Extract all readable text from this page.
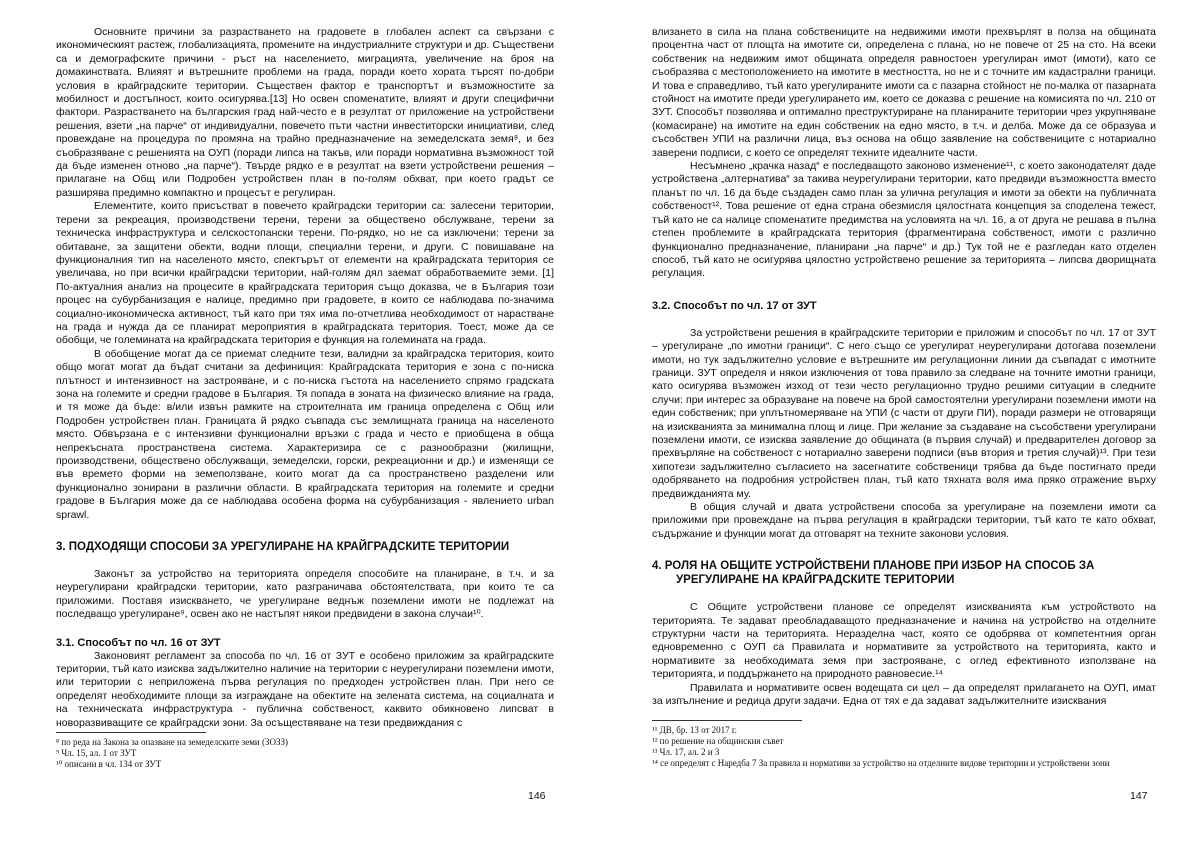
Основните причини за разрастването на градовете в глобален аспект са свързани с икономическият растеж, глобализацията, промените на индустриалните структури и др. Съществени са и демографските причини - ръст на населението, миграцията, увеличение на броя на домакинствата. Влияят и вътрешните проблеми на града, поради което хората търсят по-добри условия в крайградските територии. Съществен фактор е транспортът и възможностите за мобилност и достъпност, които осигурява.[13] Но освен споменатите, влияят и други специфични фактори. Разрастването на българския град най-често е в резултат от приложение на устройствени решения, взети „на парче“ от индивидуални, повечето пъти частни инвеститорски инициативи, след провеждане на процедура по промяна на трайно предназначение на земеделската земя⁸, и без съобразяване с решенията на ОУП (поради липса на такъв, или поради нормативна възможност той да бъде изменен отново „на парче“). Твърде рядко е в резултат на взети устройствени решения – прилагане на Общ или Подробен устройствен план в по-голям обхват, при което градът се разширява предимно компактно и процесът е регулиран.

Елементите, които присъстват в повечето крайградски територии са: залесени територии, терени за рекреация, производствени терени, терени за обществено обслужване, терени за техническа инфраструктура и селскостопански терени. По-рядко, но не са изключени: терени за обитаване, за защитени обекти, водни площи, специални терени, и други. С повишаване на функционалния тип на населеното място, спектърът от елементи на крайградската територия се увеличава, но при всички крайградски територии, най-голям дял заемат обработваемите земи. [1] По-актуалния анализ на процесите в крайградската територия също доказва, че в България този процес на субурбанизация е налице, предимно при градовете, в които се наблюдава по-значима социално-икономическа активност, тъй като при тях има по-отчетлива необходимост от нарастване на града и нужда да се планират мероприятия в крайградската територия. Тоест, може да се обобщи, че големината на крайградската територия е функция на големината на града.

В обобщение могат да се приемат следните тези, валидни за крайградска територия, които общо могат могат да бъдат считани за дефиниция: Крайградската територия е зона с по-ниска плътност и интензивност на застрояване, и с по-ниска гъстота на населението спрямо градската зона на големите и средни градове в България. Тя попада в зоната на физическо влияние на града, и тя може да бъде: в/или извън рамките на строителната им граница определена с Общ или Подробен устройствен план. Границата й рядко съвпада със землищната граница на населеното място. Обвързана е с интензивни функционални връзки с града и често е приобщена в обща непрекъсната пространствена система. Характеризира се с разнообразни (жилищни, производствени, обществено обслужващи, земеделски, горски, рекреационни и др.) и изменящи се във времето форми на земеползване, които могат да са пространствено разделени или функционално зонирани в различни области. В крайградската територия на големите и средни градове в България може да се наблюдава особена форма на субурбанизация - явлението urban sprawl.

3. ПОДХОДЯЩИ СПОСОБИ ЗА УРЕГУЛИРАНЕ НА КРАЙГРАДСКИТЕ ТЕРИТОРИИ

Законът за устройство на територията определя способите на планиране, в т.ч. и за неурегулирани крайградски територии, като разграничава обстоятелствата, при които те са приложими. Поставя изискването, че урегулиране веднъж поземлени имоти не подлежат на последващо урегулиране⁹, освен ако не настъпят някои предвидени в закона случаи¹⁰.

3.1. Способът по чл. 16 от ЗУТ

Законовият регламент за способа по чл. 16 от ЗУТ е особено приложим за крайградските територии, тъй като изисква задължително наличие на територии с неурегулирани поземлени имоти, или територии с неприложена първа регулация по предходен устройствен план. При него се определят необходимите площи за изграждане на обектите на зелената система, на социалната и на техническата инфраструктура - публична собственост, каквито обикновено липсват в новоразвиващите се крайградски зони. За осъществяване на тези предвиждания с

⁸ по реда на Закона за опазване на земеделските земи (ЗОЗЗ)
⁹ Чл. 15, ал. 1 от ЗУТ
¹⁰ описани в чл. 134 от ЗУТ
146

влизането в сила на плана собствениците на недвижими имоти прехвърлят в полза на общината процентна част от площта на имотите си, определена с плана, но не повече от 25 на сто. На всеки собственик на недвижим имот общината определя равностоен урегулиран имот (имоти), като се съобразява с местоположението на имотите в местността, но не и с точните им кадастрални граници. И това е справедливо, тъй като урегулираните имоти са с пазарна стойност не по-малка от пазарната стойност на имотите преди урегулирането им, което се доказва с решение на комисията по чл. 210 от ЗУТ. Способът позволява и оптимално преструктуриране на планираните територии чрез укрупняване (комасиране) на имотите на един собственик на едно място, в т.ч. и делба. Може да се образува и съсобствен УПИ на различни лица, въз основа на общо заявление на собствениците с нотариално заверени подписи, с което се определят техните идеалните части.

Несъмнено „крачка назад“ е последващото законово изменение¹¹, с което законодателят даде устройствена „алтернатива“ за такива неурегулирани територии, като предвиди възможността вместо планът по чл. 16 да бъде създаден само план за улична регулация и имоти за обекти на публичната собственост¹². Това решение от една страна обезмисля цялостната концепция за споделена тежест, тъй като не са налице споменатите предимства на условията на чл. 16, а от друга не решава в пълна степен проблемите в крайградската територия (фрагментирана собственост, имоти с различно функционално предназначение, планирани „на парче“ и др.) Тук той не е разгледан като отделен способ, тъй като не осигурява цялостно устройствено решение за територията – липсва дворищната регулация.

3.2. Способът по чл. 17 от ЗУТ

За устройствени решения в крайградските територии е приложим и способът по чл. 17 от ЗУТ – урегулиране „по имотни граници“. С него също се урегулират неурегулирани дотогава поземлени имоти, но тук задължително условие е вътрешните им регулационни линии да съвпадат с имотните граници. ЗУТ определя и някои изключения от това правило за следване на точните имотни граници, като осигурява възможен изход от тези често регулационно трудно решими ситуации в следните случи: при интерес за образуване на повече на брой самостоятелни урегулирани поземлени имоти на един собственик; при уплътномеряване на УПИ (с части от други ПИ), поради размери не отговарящи на изискванията за минимална площ и лице. При желание за създаване на съсобствени урегулирани поземлени имоти, се изисква заявление до общината (в първия случай) и предварителен договор за прехвърляне на собственост с нотариално заверени подписи (във втория и третия случай)¹³. При тези хипотези задължително съгласието на засегнатите собственици трябва да бъде постигнато преди одобряването на подробния устройствен план, тъй като тяхната воля има пряко отражение върху предвижданията му.

В общия случай и двата устройствени способа за урегулиране на поземлени имоти са приложими при провеждане на първа регулация в крайградски територии, тъй като те като обхват, съдържание и функции могат да отговарят на техните законови условия.

4. РОЛЯ НА ОБЩИТЕ УСТРОЙСТВЕНИ ПЛАНОВЕ ПРИ ИЗБОР НА СПОСОБ ЗА УРЕГУЛИРАНЕ НА КРАЙГРАДСКИТЕ ТЕРИТОРИИ

С Общите устройствени планове се определят изискванията към устройството на територията. Те задават преобладаващото предназначение и начина на устройство на отделните структурни части на територията. Неразделна част, която се одобрява от компетентния орган едновременно с ОУП са Правилата и нормативите за устройството на територията, както и нормативите за необходимата земя при застрояване, с оглед ефективното използване на територията, и поддържането на природното равновесие.¹⁴

Правилата и нормативите освен водещата си цел – да определят прилагането на ОУП, имат за изпълнение и редица други задачи. Една от тях е да задават задължителните изисквания

¹¹ ДВ, бр. 13 от 2017 г.
¹² по решение на общинския съвет
¹³ Чл. 17, ал. 2 и 3
¹⁴ се определят с Наредба 7 За правила и нормативи за устройство на отделните видове територии и устройствени зони
147
